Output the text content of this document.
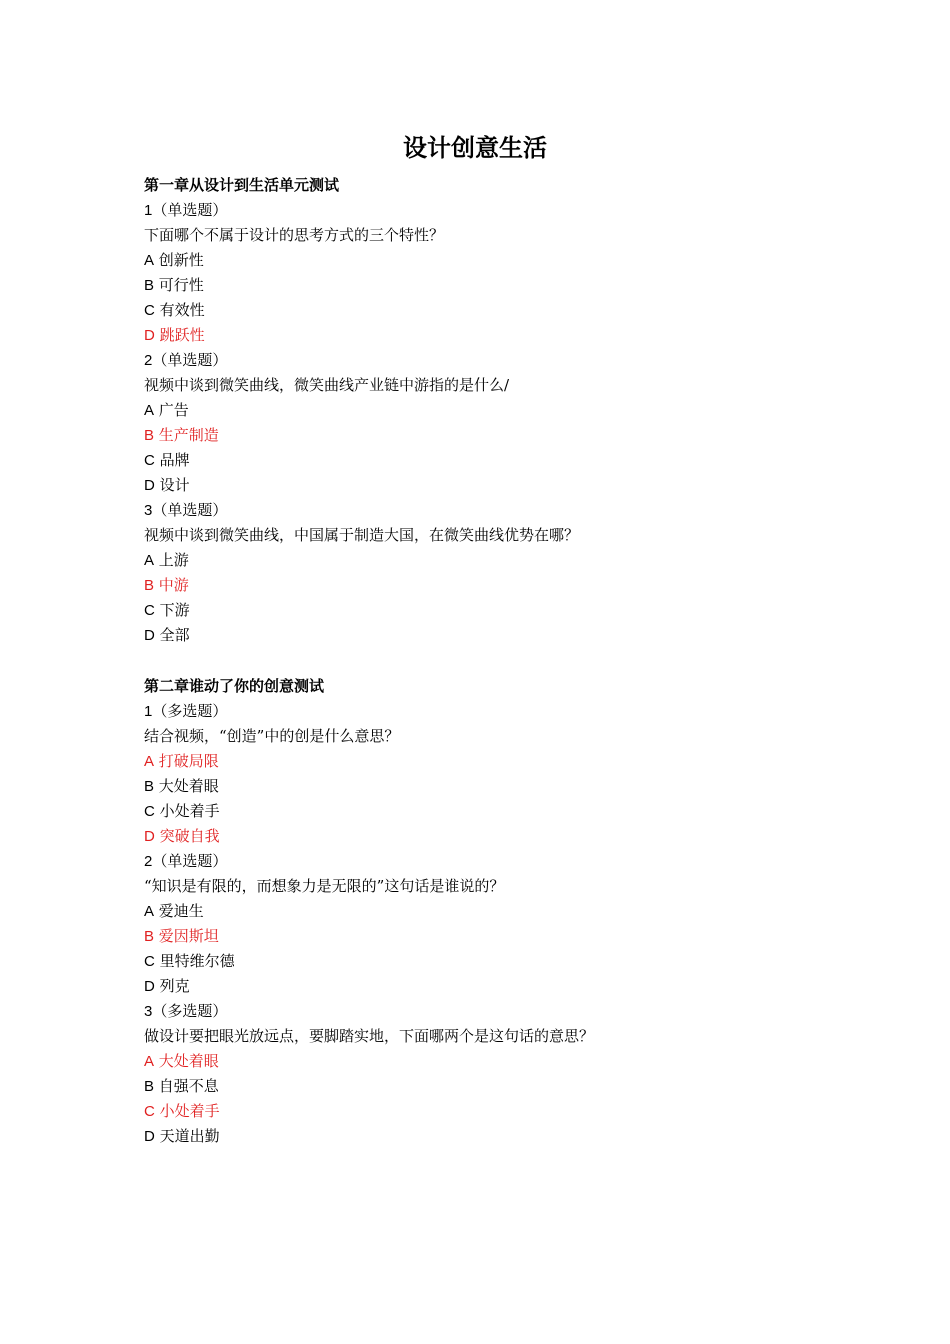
设计创意生活
第一章从设计到生活单元测试
1（单选题）
下面哪个不属于设计的思考方式的三个特性？
A 创新性
B 可行性
C 有效性
D 跳跃性
2（单选题）
视频中谈到微笑曲线，微笑曲线产业链中游指的是什么/
A 广告
B 生产制造
C 品牌
D 设计
3（单选题）
视频中谈到微笑曲线，中国属于制造大国，在微笑曲线优势在哪？
A 上游
B 中游
C 下游
D 全部
第二章谁动了你的创意测试
1（多选题）
结合视频，“创造”中的创是什么意思？
A 打破局限
B 大处着眼
C 小处着手
D 突破自我
2（单选题）
“知识是有限的，而想象力是无限的”这句话是谁说的？
A 爱迪生
B 爱因斯坦
C 里特维尔德
D 列克
3（多选题）
做设计要把眼光放远点，要脚踏实地，下面哪两个是这句话的意思？
A 大处着眼
B 自强不息
C 小处着手
D 天道出勤
